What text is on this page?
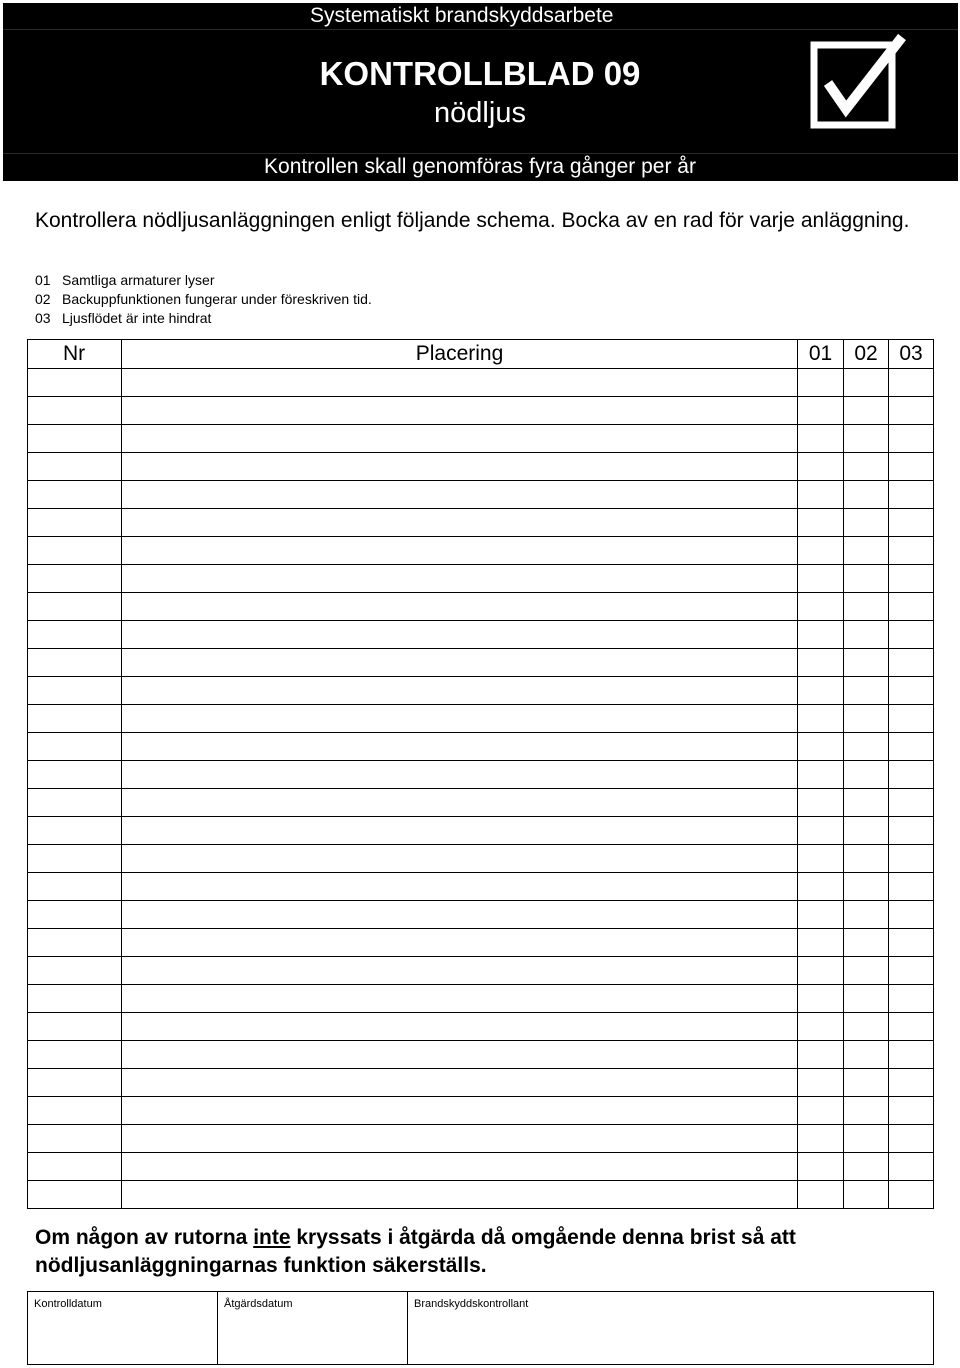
Systematiskt brandskyddsarbete
KONTROLLBLAD 09
nödljus
Kontrollen skall genomföras fyra gånger per år
Kontrollera nödljusanläggningen enligt följande schema. Bocka av en rad för varje anläggning.
01 Samtliga armaturer lyser
02 Backuppfunktionen fungerar under föreskriven tid.
03 Ljusflödet är inte hindrat
Nr	Placering	01	02	03

Om någon av rutorna inte kryssats i åtgärda då omgående denna brist så att nödljusanläggningarnas funktion säkerställs.
Kontrolldatum	Åtgärdsdatum	Brandskyddskontrollant
